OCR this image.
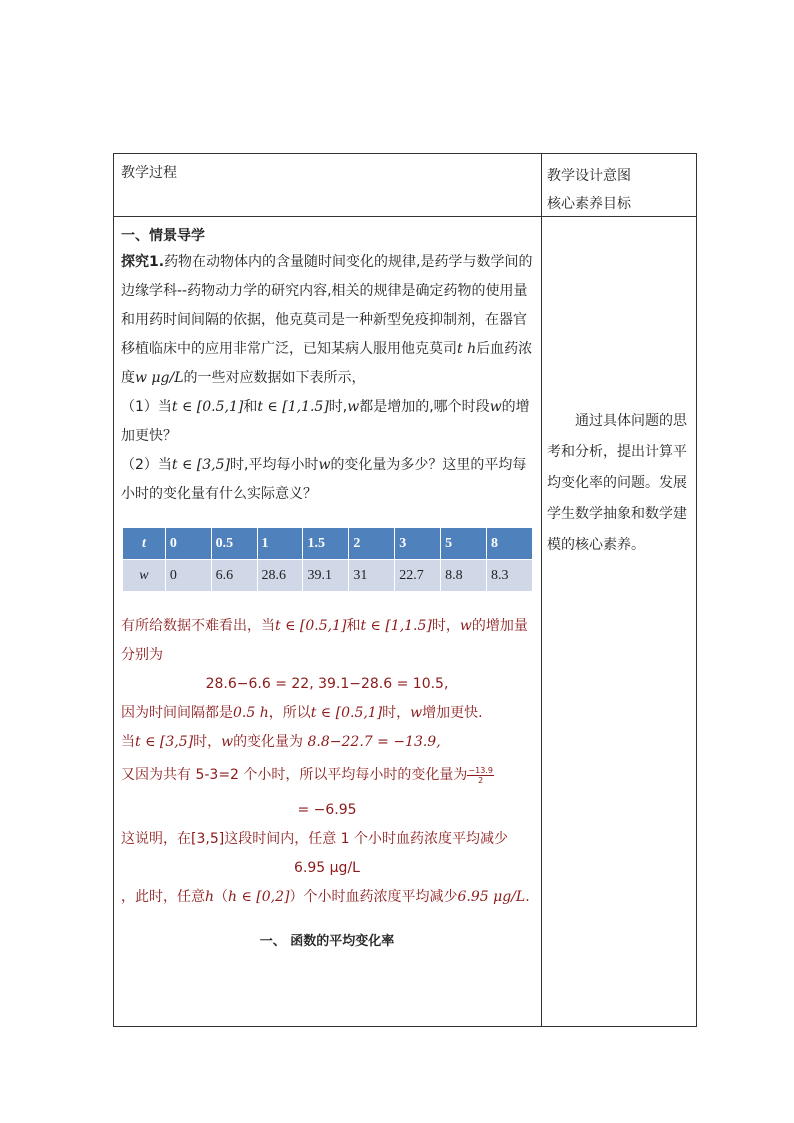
教学过程	教学设计意图
核心素养目标
一、情景导学

探究1.药物在动物体内的含量随时间变化的规律,是药学与数学间的边缘学科--药物动力学的研究内容,相关的规律是确定药物的使用量和用药时间间隔的依据，他克莫司是一种新型免疫抑制剂，在器官移植临床中的应用非常广泛，已知某病人服用他克莫司t h后血药浓度w μg/L的一些对应数据如下表所示，

（1）当t ∈ [0.5,1]和t ∈ [1,1.5]时,w都是增加的,哪个时段w的增加更快？

（2）当t ∈ [3,5]时,平均每小时w的变化量为多少？这里的平均每小时的变化量有什么实际意义？

t	0	0.5	1	1.5	2	3	5	8
w	0	6.6	28.6	39.1	31	22.7	8.8	8.3

有所给数据不难看出，当t ∈ [0.5,1]和t ∈ [1,1.5]时，w的增加量分别为

28.6−6.6 = 22, 39.1−28.6 = 10.5,

因为时间间隔都是0.5 h，所以t ∈ [0.5,1]时，w增加更快.

当t ∈ [3,5]时，w的变化量为 8.8−22.7 = −13.9,

又因为共有 5-3=2 个小时，所以平均每小时的变化量为 $\frac{-13.9}{2}$

= −6.95

这说明，在[3,5]这段时间内，任意 1 个小时血药浓度平均减少

6.95 μg/L

，此时，任意h（h ∈ [0,2]）个小时血药浓度平均减少6.95 μg/L.

一、 函数的平均变化率
通过具体问题的思考和分析，提出计算平均变化率的问题。发展学生数学抽象和数学建模的核心素养。
